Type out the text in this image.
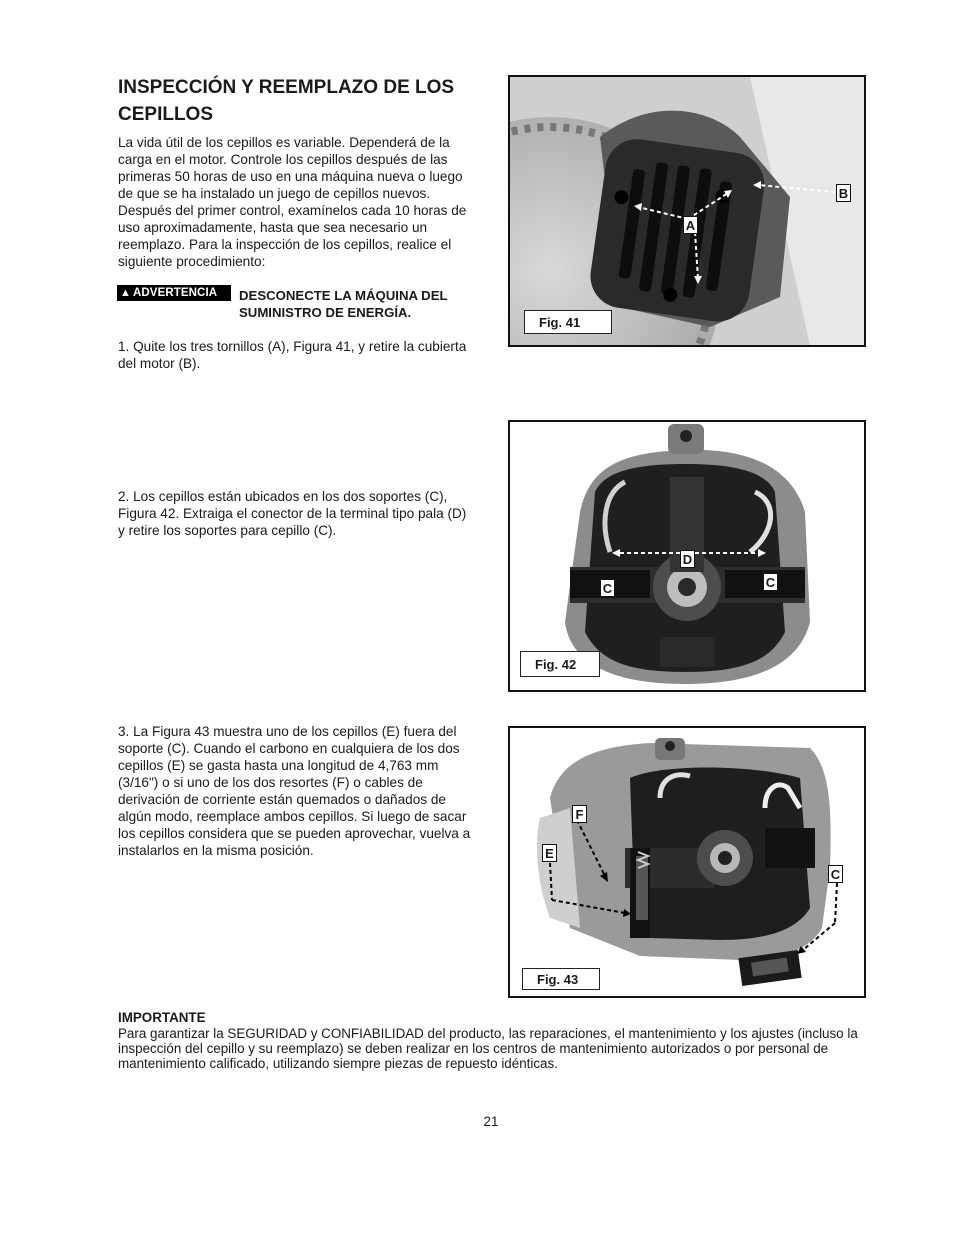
INSPECCIÓN Y REEMPLAZO DE LOS CEPILLOS

La vida útil de los cepillos es variable. Dependerá de la carga en el motor. Controle los cepillos después de las primeras 50 horas de uso en una máquina nueva o luego de que se ha instalado un juego de cepillos nuevos. Después del primer control, examínelos cada 10 horas de uso aproximadamente, hasta que sea necesario un reemplazo. Para la inspección de los cepillos, realice el siguiente procedimiento:

▲ ADVERTENCIA DESCONECTE LA MÁQUINA DEL SUMINISTRO DE ENERGÍA.

1. Quite los tres tornillos (A), Figura 41, y retire la cubierta del motor (B).

2. Los cepillos están ubicados en los dos soportes (C), Figura 42. Extraiga el conector de la terminal tipo pala (D) y retire los soportes para cepillo (C).

3. La Figura 43 muestra uno de los cepillos (E) fuera del soporte (C). Cuando el carbono en cualquiera de los dos cepillos (E) se gasta hasta una longitud de 4,763 mm (3/16") o si uno de los dos resortes (F) o cables de derivación de corriente están quemados o dañados de algún modo, reemplace ambos cepillos. Si luego de sacar los cepillos considera que se pueden aprovechar, vuelva a instalarlos en la misma posición.

A
B
Fig. 41
D
C	C
Fig. 42
F
E
C
Fig. 43

IMPORTANTE

Para garantizar la SEGURIDAD y CONFIABILIDAD del producto, las reparaciones, el mantenimiento y los ajustes (incluso la inspección del cepillo y su reemplazo) se deben realizar en los centros de mantenimiento autorizados o por personal de mantenimiento calificado, utilizando siempre piezas de repuesto idénticas.

21
